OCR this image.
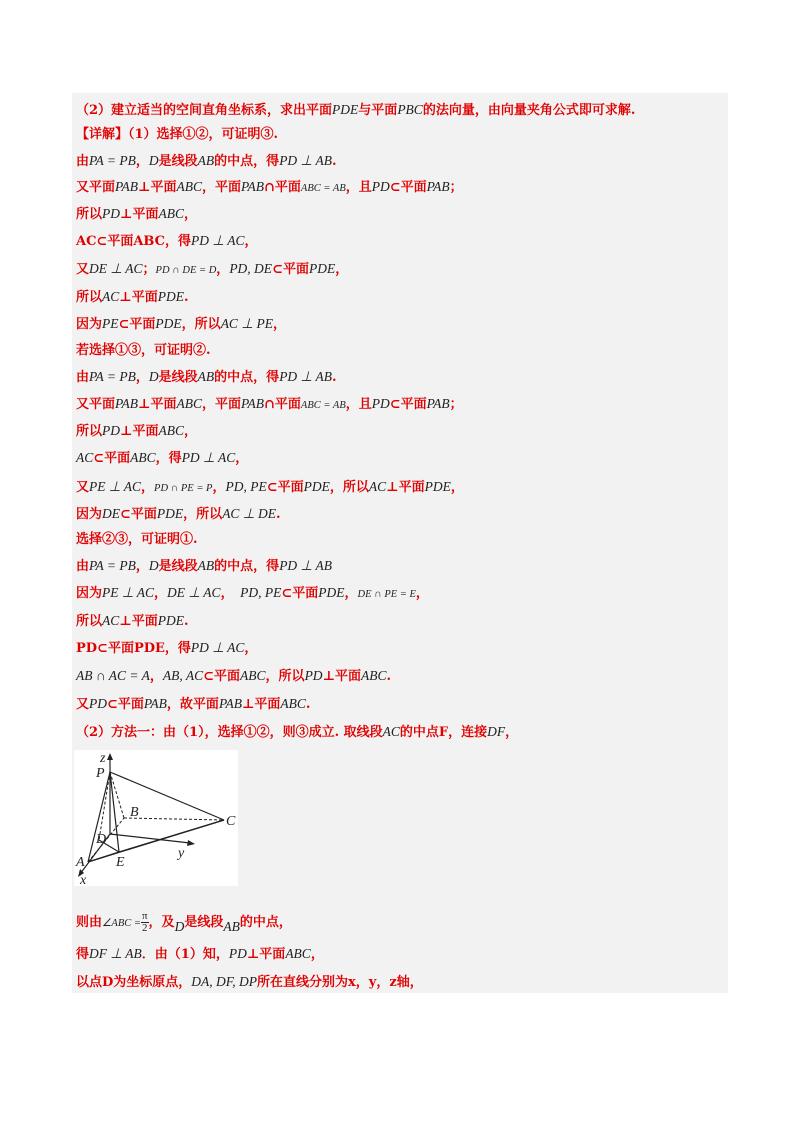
（2）建立适当的空间直角坐标系，求出平面PDE与平面PBC的法向量，由向量夹角公式即可求解.
【详解】（1）选择①②，可证明③.
由PA = PB，D是线段AB的中点，得PD ⊥ AB.
又平面PAB⊥平面ABC，平面PAB∩平面ABC = AB，且PD⊂平面PAB；
所以PD⊥平面ABC，
AC⊂平面ABC，得PD ⊥ AC，
又DE ⊥ AC；PD ∩ DE = D，PD, DE⊂平面PDE，
所以AC⊥平面PDE.
因为PE⊂平面PDE，所以AC ⊥ PE，
若选择①③，可证明②.
由PA = PB，D是线段AB的中点，得PD ⊥ AB.
又平面PAB⊥平面ABC，平面PAB∩平面ABC = AB，且PD⊂平面PAB；
所以PD⊥平面ABC，
AC⊂平面ABC，得PD ⊥ AC，
又PE ⊥ AC，PD ∩ PE = P，PD, PE⊂平面PDE，所以AC⊥平面PDE，
因为DE⊂平面PDE，所以AC ⊥ DE.
选择②③，可证明①.
由PA = PB，D是线段AB的中点，得PD ⊥ AB
因为PE ⊥ AC，DE ⊥ AC，　PD, PE⊂平面PDE，DE ∩ PE = E，
所以AC⊥平面PDE.
PD⊂平面PDE，得PD ⊥ AC，
AB ∩ AC = A，AB, AC⊂平面ABC，所以PD⊥平面ABC.
又PD⊂平面PAB，故平面PAB⊥平面ABC.
（2）方法一：由（1），选择①②，则③成立. 取线段AC的中点F，连接DF，
则由∠ABC = $\frac{\pi}{2}$ ，及D是线段AB的中点，
得DF ⊥ AB．由（1）知，PD⊥平面ABC，
以点D为坐标原点，DA, DF, DP所在直线分别为x，y，z轴，
z
P
B
C
D
E
y
A
x
